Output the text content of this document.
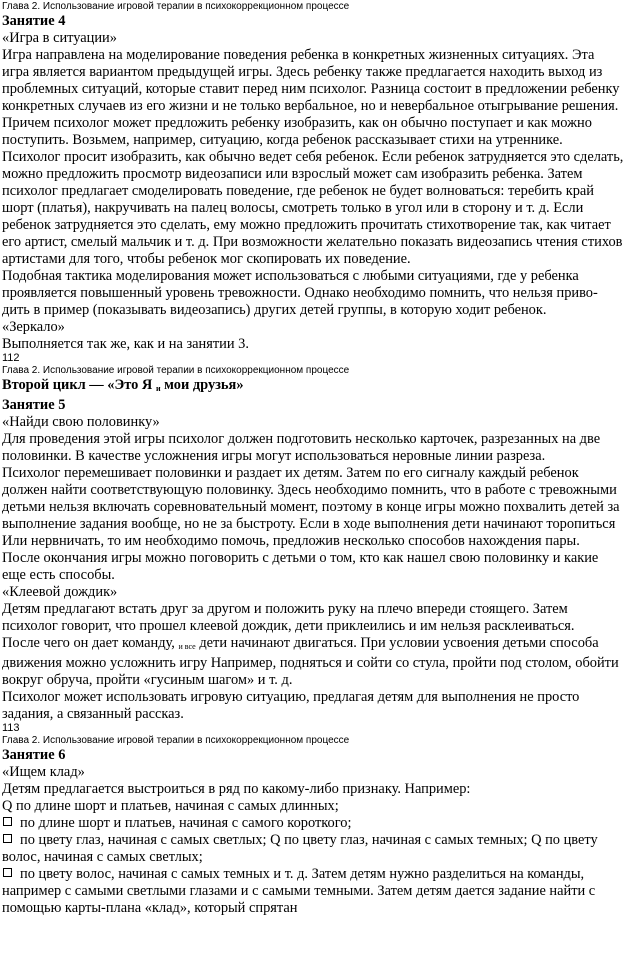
Глава 2. Использование игровой терапии в психокоррекционном процессе
Занятие 4
«Игра в ситуации»

Игра направлена на моделирование поведения ребенка в конкретных жизненных ситуациях. Эта игра является вариантом предыдущей игры. Здесь ребенку также предлагается находить выход из проблемных ситуаций, которые ставит перед ним психолог. Разница состоит в предложении ребенку конкретных случаев из его жизни и не только вербальное, но и невербальное отыгрывание решения. Причем психолог может предложить ребенку изобразить, как он обычно поступает и как можно поступить. Возьмем, например, ситуацию, когда ребенок рассказывает стихи на утреннике. Психолог просит изобразить, как обычно ведет себя ребенок. Если ребенок затрудняется это сделать, можно предложить просмотр видеозаписи или взрослый может сам изобразить ребенка. Затем психолог предлагает смоделировать поведение, где ребенок не будет волноваться: теребить край шорт (платья), накручивать на палец волосы, смотреть только в угол или в сторону и т. д. Если ребенок затрудняется это сделать, ему можно предложить прочитать стихотворение так, как читает его артист, смелый мальчик и т. д. При возможности желательно показать видеозапись чтения стихов артистами для того, чтобы ребенок мог скопировать их поведение.

Подобная тактика моделирования может использоваться с любыми ситуациями, где у ребенка проявляется повышенный уровень тревожности. Однако необходимо помнить, что нельзя приво-дить в пример (показывать видеозапись) других детей группы, в которую ходит ребенок.

«Зеркало»

Выполняется так же, как и на занятии 3.

112
Глава 2. Использование игровой терапии в психокоррекционном процессе
Второй цикл — «Это Я $_и$ мои друзья»
Занятие 5
«Найди свою половинку»

Для проведения этой игры психолог должен подготовить несколько карточек, разрезанных на две половинки. В качестве усложнения игры могут использоваться неровные линии разреза.

Психолог перемешивает половинки и раздает их детям. Затем по его сигналу каждый ребенок должен найти соответствующую половинку. Здесь необходимо помнить, что в работе с тревожными детьми нельзя включать соревновательный момент, поэтому в конце игры можно похвалить детей за выполнение задания вообще, но не за быстроту. Если в ходе выполнения дети начинают торопиться Или нервничать, то им необходимо помочь, предложив несколько способов нахождения пары.

После окончания игры можно поговорить с детьми о том, кто как нашел свою половинку и какие еще есть способы.

«Клеевой дождик»

Детям предлагают встать друг за другом и положить руку на плечо впереди стоящего. Затем психолог говорит, что прошел клеевой дождик, дети приклеились и им нельзя расклеиваться.

После чего он дает команду, $_{и все}$ дети начинают двигаться. При условии усвоения детьми способа движения можно усложнить игру Например, подняться и сойти со стула, пройти под столом, обойти вокруг обруча, пройти «гусиным шагом» и т. д.

Психолог может использовать игровую ситуацию, предлагая детям для выполнения не просто задания, а связанный рассказ.

113
Глава 2. Использование игровой терапии в психокоррекционном процессе
Занятие 6
«Ищем клад»

Детям предлагается выстроиться в ряд по какому-либо признаку. Например:

Q по длине шорт и платьев, начиная с самых длинных;

по длине шорт и платьев, начиная с самого короткого;

по цвету глаз, начиная с самых светлых; Q по цвету глаз, начиная с самых темных; Q по цвету волос, начиная с самых светлых;

по цвету волос, начиная с самых темных и т. д. Затем детям нужно разделиться на команды,

например с самыми светлыми глазами и с самыми темными. Затем детям дается задание найти с помощью карты-плана «клад», который спрятан
